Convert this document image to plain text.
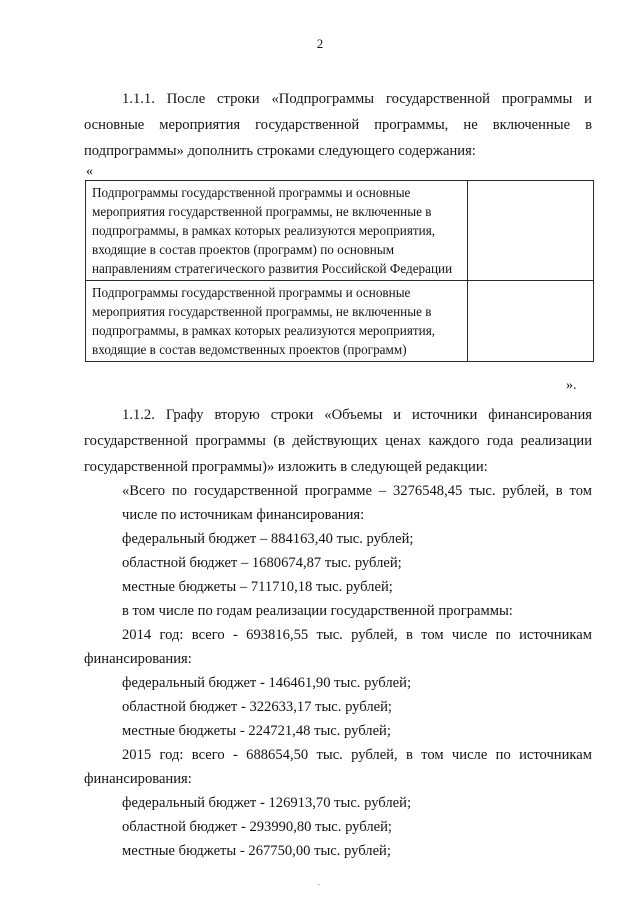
2

1.1.1. После строки «Подпрограммы государственной программы и основные мероприятия государственной программы, не включенные в подпрограммы» дополнить строками следующего содержания:

«
Подпрограммы государственной программы и основные мероприятия государственной программы, не включенные в подпрограммы, в рамках которых реализуются мероприятия, входящие в состав проектов (программ) по основным направлениям стратегического развития Российской Федерации	
Подпрограммы государственной программы и основные мероприятия государственной программы, не включенные в подпрограммы, в рамках которых реализуются мероприятия, входящие в состав ведомственных проектов (программ)	
».

1.1.2. Графу вторую строки «Объемы и источники финансирования государственной программы (в действующих ценах каждого года реализации государственной программы)» изложить в следующей редакции:

«Всего по государственной программе – 3276548,45 тыс. рублей, в том числе по источникам финансирования:
федеральный бюджет – 884163,40 тыс. рублей;
областной бюджет – 1680674,87 тыс. рублей;
местные бюджеты – 711710,18 тыс. рублей;
в том числе по годам реализации государственной программы:
2014 год: всего - 693816,55 тыс. рублей, в том числе по источникам
финансирования:
федеральный бюджет - 146461,90 тыс. рублей;
областной бюджет - 322633,17 тыс. рублей;
местные бюджеты - 224721,48 тыс. рублей;
2015 год: всего - 688654,50 тыс. рублей, в том числе по источникам
финансирования:
федеральный бюджет - 126913,70 тыс. рублей;
областной бюджет - 293990,80 тыс. рублей;
местные бюджеты - 267750,00 тыс. рублей;
